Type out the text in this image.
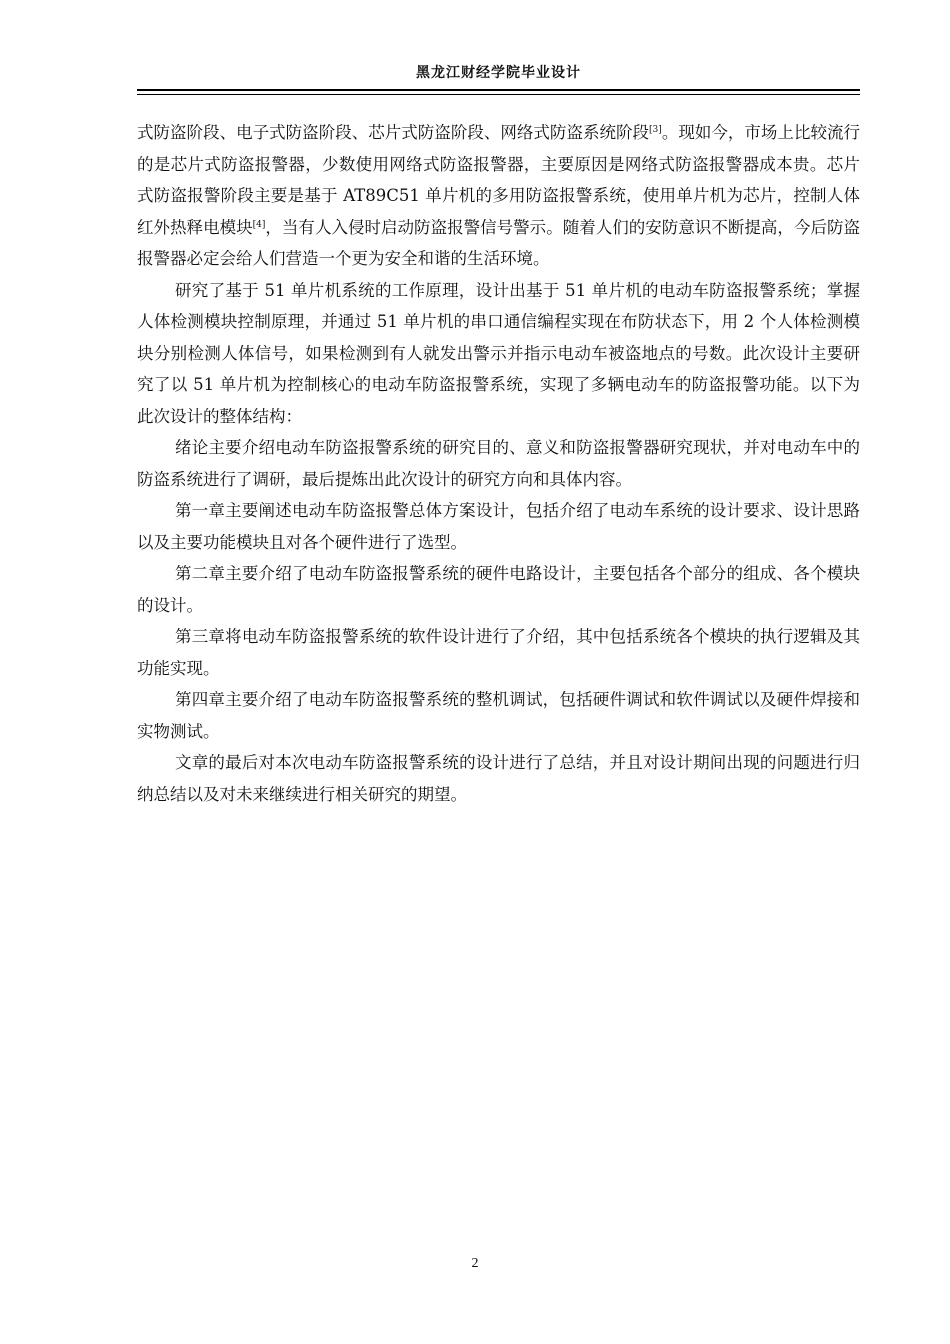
黑龙江财经学院毕业设计

式防盗阶段、电子式防盗阶段、芯片式防盗阶段、网络式防盗系统阶段[3]。现如今，市场上比较流行的是芯片式防盗报警器，少数使用网络式防盗报警器，主要原因是网络式防盗报警器成本贵。芯片式防盗报警阶段主要是基于 AT89C51 单片机的多用防盗报警系统，使用单片机为芯片，控制人体红外热释电模块[4]，当有人入侵时启动防盗报警信号警示。随着人们的安防意识不断提高，今后防盗报警器必定会给人们营造一个更为安全和谐的生活环境。

研究了基于 51 单片机系统的工作原理，设计出基于 51 单片机的电动车防盗报警系统；掌握人体检测模块控制原理，并通过 51 单片机的串口通信编程实现在布防状态下，用 2 个人体检测模块分别检测人体信号，如果检测到有人就发出警示并指示电动车被盗地点的号数。此次设计主要研究了以 51 单片机为控制核心的电动车防盗报警系统，实现了多辆电动车的防盗报警功能。以下为此次设计的整体结构：

绪论主要介绍电动车防盗报警系统的研究目的、意义和防盗报警器研究现状，并对电动车中的防盗系统进行了调研，最后提炼出此次设计的研究方向和具体内容。

第一章主要阐述电动车防盗报警总体方案设计，包括介绍了电动车系统的设计要求、设计思路以及主要功能模块且对各个硬件进行了选型。

第二章主要介绍了电动车防盗报警系统的硬件电路设计，主要包括各个部分的组成、各个模块的设计。

第三章将电动车防盗报警系统的软件设计进行了介绍，其中包括系统各个模块的执行逻辑及其功能实现。

第四章主要介绍了电动车防盗报警系统的整机调试，包括硬件调试和软件调试以及硬件焊接和实物测试。

文章的最后对本次电动车防盗报警系统的设计进行了总结，并且对设计期间出现的问题进行归纳总结以及对未来继续进行相关研究的期望。

2
